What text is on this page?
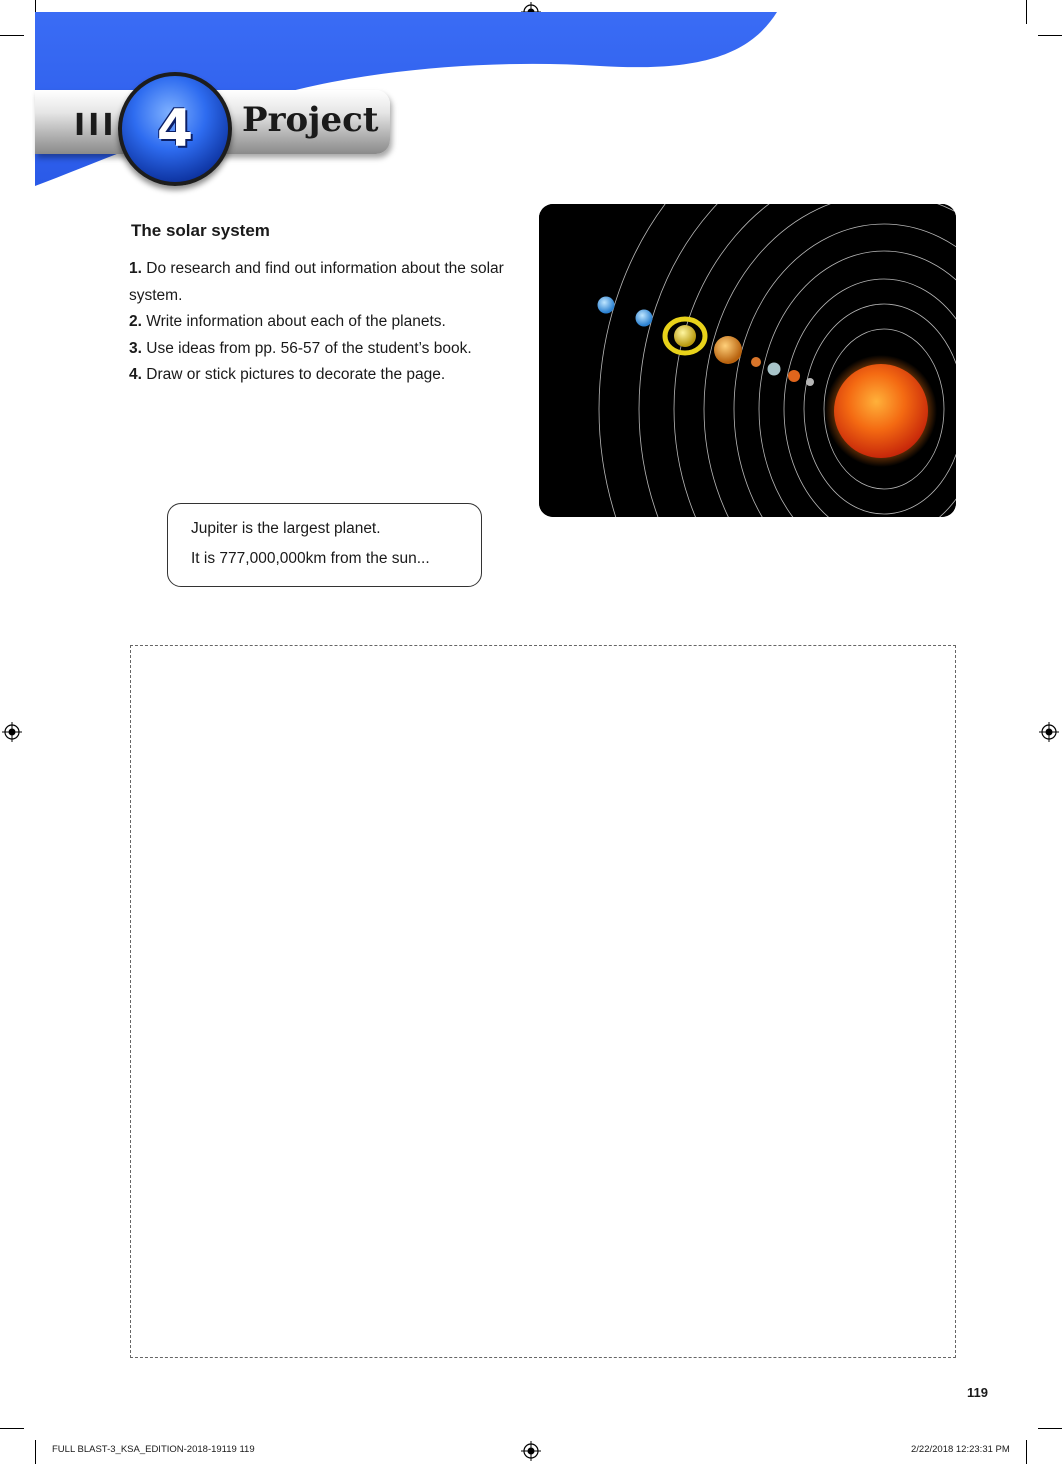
III 4 Project
The solar system
1. Do research and find out information about the solar system.
2. Write information about each of the planets.
3. Use ideas from pp. 56-57 of the student’s book.
4. Draw or stick pictures to decorate the page.
Jupiter is the largest planet.
It is 777,000,000km from the sun...
119
FULL BLAST-3_KSA_EDITION-2018-19119 119	2/22/2018 12:23:31 PM
